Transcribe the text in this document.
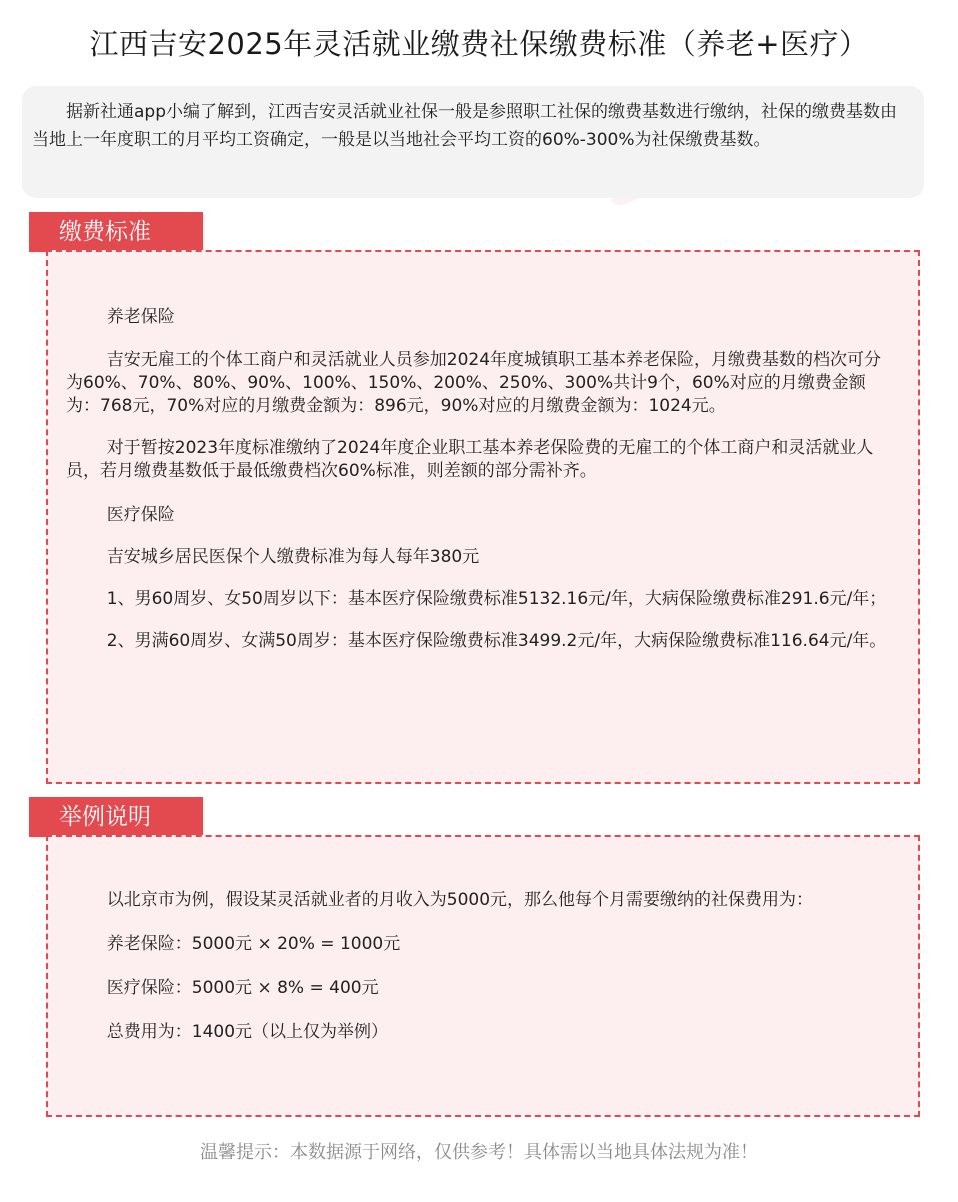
江西吉安2025年灵活就业缴费社保缴费标准（养老+医疗）

据新社通app小编了解到，江西吉安灵活就业社保一般是参照职工社保的缴费基数进行缴纳，社保的缴费基数由当地上一年度职工的月平均工资确定，一般是以当地社会平均工资的60%-300%为社保缴费基数。

缴费标准

养老保险

吉安无雇工的个体工商户和灵活就业人员参加2024年度城镇职工基本养老保险，月缴费基数的档次可分为60%、70%、80%、90%、100%、150%、200%、250%、300%共计9个，60%对应的月缴费金额为：768元，70%对应的月缴费金额为：896元，90%对应的月缴费金额为：1024元。

对于暂按2023年度标准缴纳了2024年度企业职工基本养老保险费的无雇工的个体工商户和灵活就业人员，若月缴费基数低于最低缴费档次60%标准，则差额的部分需补齐。

医疗保险

吉安城乡居民医保个人缴费标准为每人每年380元

1、男60周岁、女50周岁以下：基本医疗保险缴费标准5132.16元/年，大病保险缴费标准291.6元/年；

2、男满60周岁、女满50周岁：基本医疗保险缴费标准3499.2元/年，大病保险缴费标准116.64元/年。

举例说明

以北京市为例，假设某灵活就业者的月收入为5000元，那么他每个月需要缴纳的社保费用为：

养老保险：5000元 × 20% = 1000元

医疗保险：5000元 × 8% = 400元

总费用为：1400元（以上仅为举例）

温馨提示：本数据源于网络，仅供参考！具体需以当地具体法规为准！
